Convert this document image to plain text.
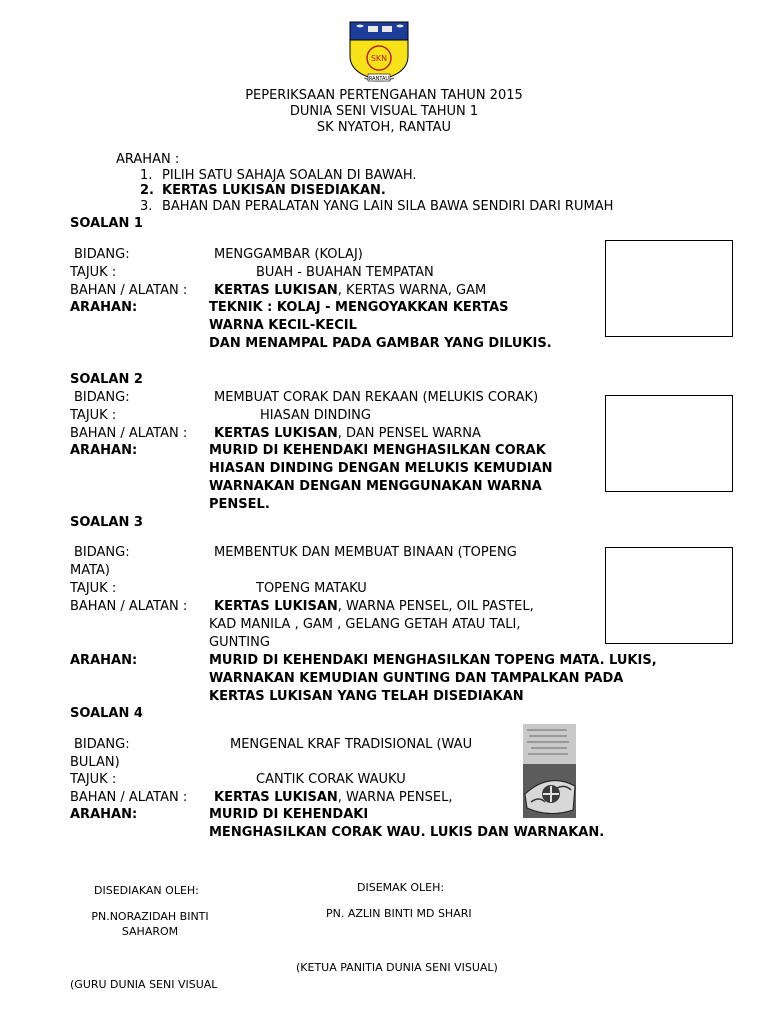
SKN
RANTAU
PEPERIKSAAN PERTENGAHAN TAHUN 2015
DUNIA SENI VISUAL TAHUN 1
SK NYATOH, RANTAU
ARAHAN :
1. PILIH SATU SAHAJA SOALAN DI BAWAH.
2. KERTAS LUKISAN DISEDIAKAN.
3. BAHAN DAN PERALATAN YANG LAIN SILA BAWA SENDIRI DARI RUMAH
SOALAN 1
BIDANG:	MENGGAMBAR (KOLAJ)
TAJUK :	BUAH - BUAHAN TEMPATAN
BAHAN / ALATAN : KERTAS LUKISAN, KERTAS WARNA, GAM
ARAHAN:	TEKNIK : KOLAJ - MENGOYAKKAN KERTAS
WARNA KECIL-KECIL
DAN MENAMPAL PADA GAMBAR YANG DILUKIS.
SOALAN 2
BIDANG:	MEMBUAT CORAK DAN REKAAN (MELUKIS CORAK)
TAJUK :	HIASAN DINDING
BAHAN / ALATAN : KERTAS LUKISAN, DAN PENSEL WARNA
ARAHAN:	MURID DI KEHENDAKI MENGHASILKAN CORAK
HIASAN DINDING DENGAN MELUKIS KEMUDIAN
WARNAKAN DENGAN MENGGUNAKAN WARNA
PENSEL.
SOALAN 3
BIDANG:	MEMBENTUK DAN MEMBUAT BINAAN (TOPENG
MATA)
TAJUK :	TOPENG MATAKU
BAHAN / ALATAN : KERTAS LUKISAN, WARNA PENSEL, OIL PASTEL,
KAD MANILA , GAM , GELANG GETAH ATAU TALI,
GUNTING
ARAHAN:	MURID DI KEHENDAKI MENGHASILKAN TOPENG MATA. LUKIS,
WARNAKAN KEMUDIAN GUNTING DAN TAMPALKAN PADA
KERTAS LUKISAN YANG TELAH DISEDIAKAN
SOALAN 4
BIDANG:	MENGENAL KRAF TRADISIONAL (WAU
BULAN)
TAJUK :	CANTIK CORAK WAUKU
BAHAN / ALATAN : KERTAS LUKISAN, WARNA PENSEL,
ARAHAN:	MURID DI KEHENDAKI
MENGHASILKAN CORAK WAU. LUKIS DAN WARNAKAN.
DISEDIAKAN OLEH:
PN.NORAZIDAH BINTI
SAHAROM
(GURU DUNIA SENI VISUAL
DISEMAK OLEH:
PN. AZLIN BINTI MD SHARI
(KETUA PANITIA DUNIA SENI VISUAL)
